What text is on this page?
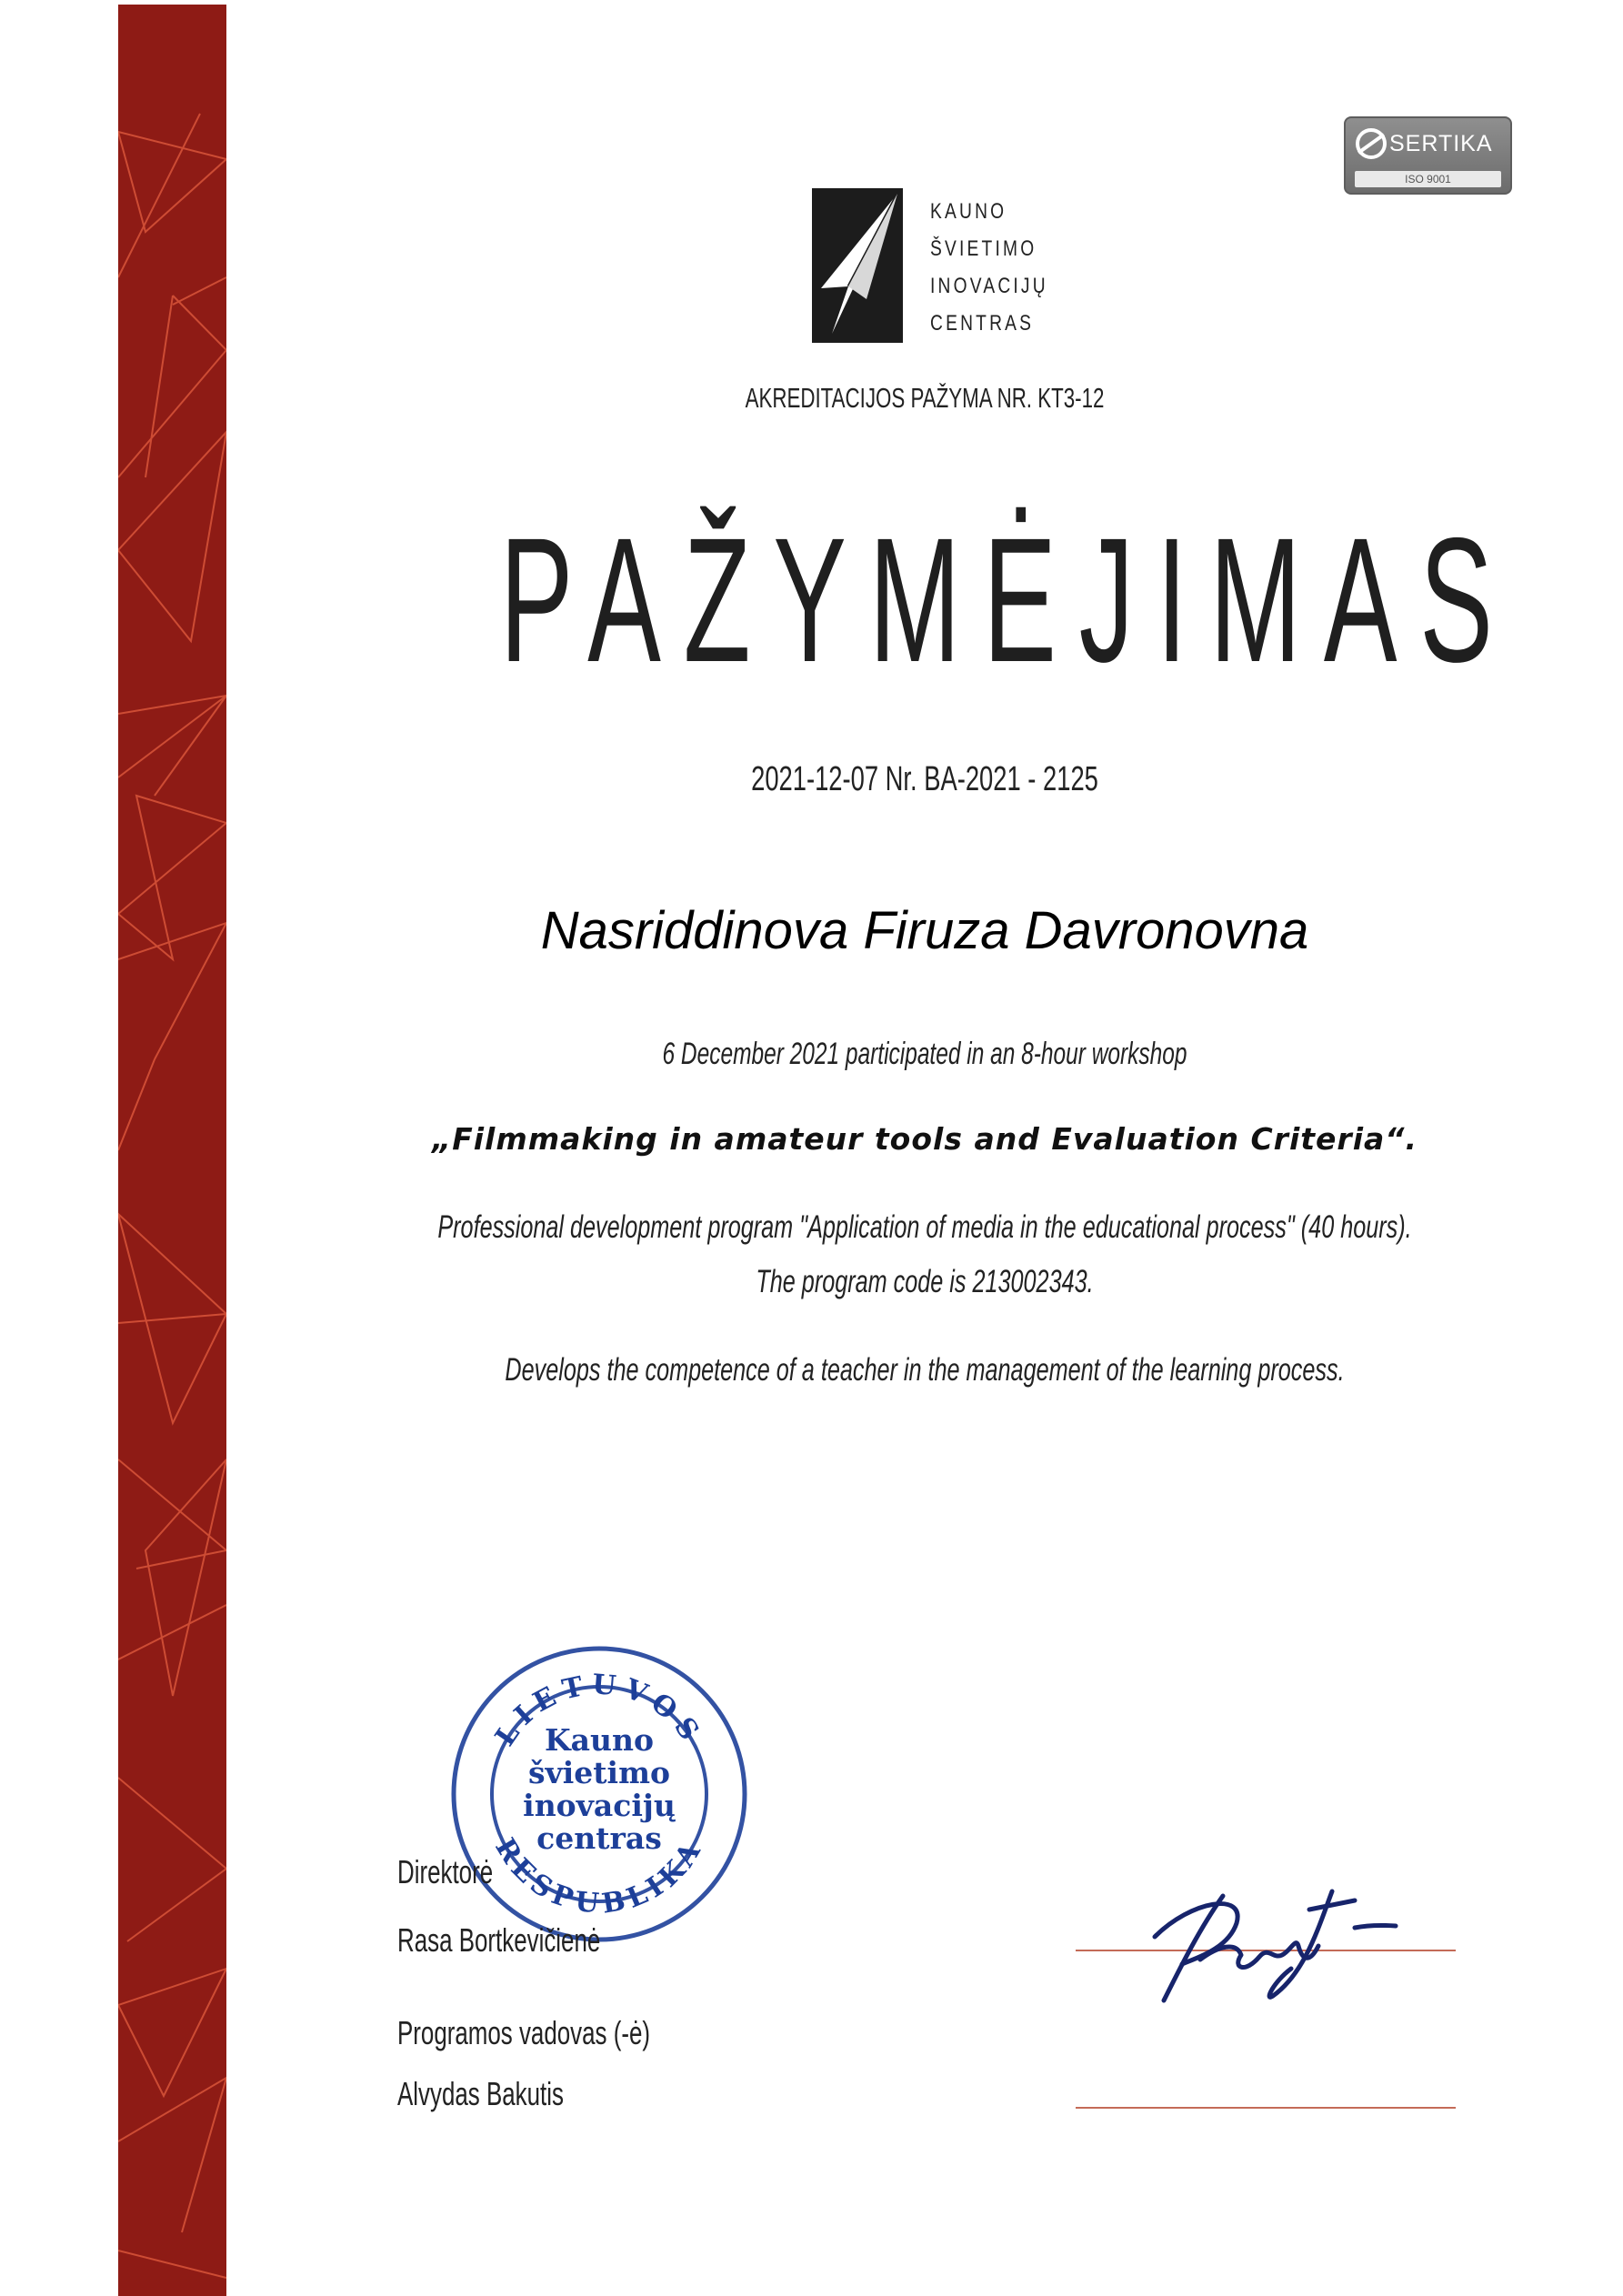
SERTIKA
ISO 9001
KAUNO
ŠVIETIMO
INOVACIJŲ
CENTRAS
AKREDITACIJOS PAŽYMA NR. KT3-12
PAŽYMĖJIMAS
2021-12-07 Nr. BA-2021 - 2125
Nasriddinova Firuza Davronovna
6 December 2021 participated in an 8-hour workshop
„Filmmaking in amateur tools and Evaluation Criteria“.
Professional development program "Application of media in the educational process" (40 hours).
The program code is 213002343.
Develops the competence of a teacher in the management of the learning process.
LIETUVOS
RESPUBLIKA
Kauno
švietimo
inovacijų
centras
Direktorė
Rasa Bortkevičienė
Programos vadovas (-ė)
Alvydas Bakutis
